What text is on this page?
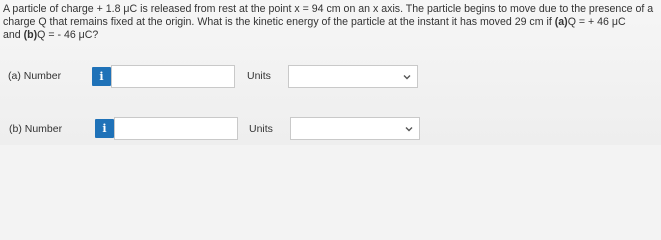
A particle of charge + 1.8 μC is released from rest at the point x = 94 cm on an x axis. The particle begins to move due to the presence of a charge Q that remains fixed at the origin. What is the kinetic energy of the particle at the instant it has moved 29 cm if (a)Q = + 46 μC
and (b)Q = - 46 μC?
(a) Number	i	Units
(b) Number	i	Units
